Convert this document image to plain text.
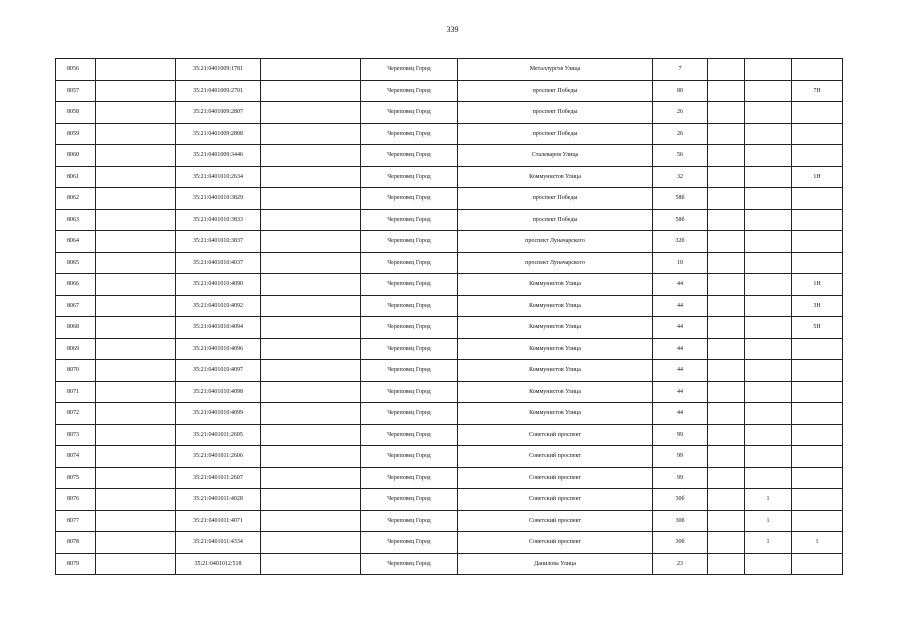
339
8056		35:21:0401009:1781		Череповец Город	Металлургов Улица	7			
8057		35:21:0401009:2701		Череповец Город	проспект Победы	80			7Н
8058		35:21:0401009:2807		Череповец Город	проспект Победы	26			
8059		35:21:0401009:2808		Череповец Город	проспект Победы	26			
8060		35:21:0401009:3446		Череповец Город	Сталеваров Улица	56			
8061		35:21:0401010:2634		Череповец Город	Коммунистов Улица	32			1Н
8062		35:21:0401010:3829		Череповец Город	проспект Победы	58б			
8063		35:21:0401010:3833		Череповец Город	проспект Победы	58б			
8064		35:21:0401010:3837		Череповец Город	проспект Луначарского	32б			
8065		35:21:0401010:4037		Череповец Город	проспект Луначарского	10			
8066		35:21:0401010:4090		Череповец Город	Коммунистов Улица	44			1Н
8067		35:21:0401010:4092		Череповец Город	Коммунистов Улица	44			3Н
8068		35:21:0401010:4094		Череповец Город	Коммунистов Улица	44			5Н
8069		35:21:0401010:4096		Череповец Город	Коммунистов Улица	44			
8070		35:21:0401010:4097		Череповец Город	Коммунистов Улица	44			
8071		35:21:0401010:4098		Череповец Город	Коммунистов Улица	44			
8072		35:21:0401010:4099		Череповец Город	Коммунистов Улица	44			
8073		35:21:0401011:2605		Череповец Город	Советский проспект	99			
8074		35:21:0401011:2606		Череповец Город	Советский проспект	99			
8075		35:21:0401011:2607		Череповец Город	Советский проспект	99			
8076		35:21:0401011:4028		Череповец Город	Советский проспект	30б		1	
8077		35:21:0401011:4071		Череповец Город	Советский проспект	30б		1	
8078		35:21:0401011:4334		Череповец Город	Советский проспект	30б		1	1
8079		35:21:0401012:518		Череповец Город	Данилова Улица	23			
